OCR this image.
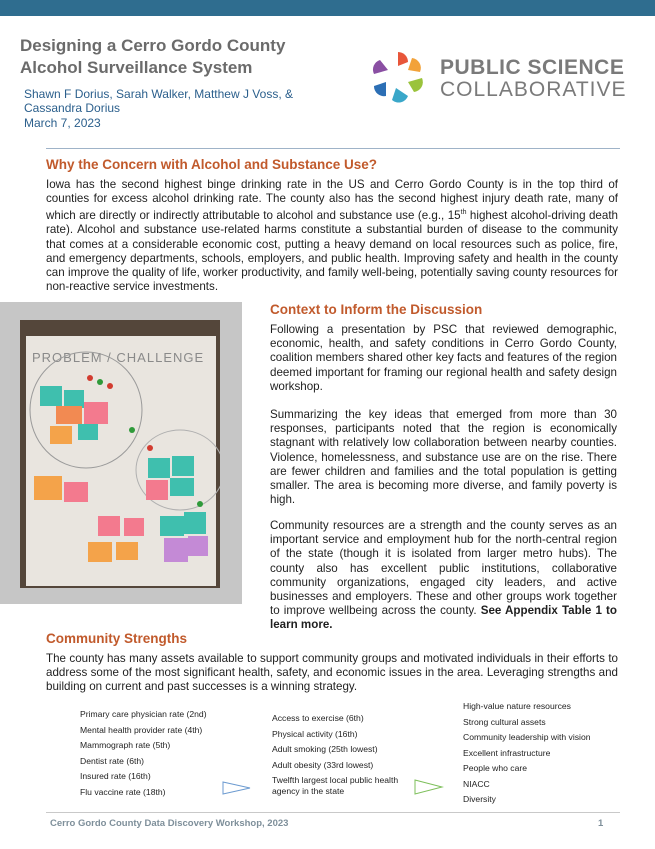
Designing a Cerro Gordo County Alcohol Surveillance System
Shawn F Dorius, Sarah Walker, Matthew J Voss, & Cassandra Dorius
March 7, 2023
PUBLIC SCIENCE
COLLABORATIVE
Why the Concern with Alcohol and Substance Use?

Iowa has the second highest binge drinking rate in the US and Cerro Gordo County is in the top third of counties for excess alcohol drinking rate. The county also has the second highest injury death rate, many of which are directly or indirectly attributable to alcohol and substance use (e.g., 15th highest alcohol-driving death rate). Alcohol and substance use-related harms constitute a substantial burden of disease to the community that comes at a considerable economic cost, putting a heavy demand on local resources such as police, fire, and emergency departments, schools, employers, and public health. Improving safety and health in the county can improve the quality of life, worker productivity, and family well-being, potentially saving county resources for non-reactive service investments.

PROBLEM / CHALLENGE
Context to Inform the Discussion

Following a presentation by PSC that reviewed demographic, economic, health, and safety conditions in Cerro Gordo County, coalition members shared other key facts and features of the region deemed important for framing our regional health and safety design workshop.

Summarizing the key ideas that emerged from more than 30 responses, participants noted that the region is economically stagnant with relatively low collaboration between nearby counties. Violence, homelessness, and substance use are on the rise. There are fewer children and families and the total population is getting smaller. The area is becoming more diverse, and family poverty is high.

Community resources are a strength and the county serves as an important service and employment hub for the north-central region of the state (though it is isolated from larger metro hubs). The county also has excellent public institutions, collaborative community organizations, engaged city leaders, and active businesses and employers. These and other groups work together to improve wellbeing across the county. See Appendix Table 1 to learn more.

Community Strengths

The county has many assets available to support community groups and motivated individuals in their efforts to address some of the most significant health, safety, and economic issues in the area. Leveraging strengths and building on current and past successes is a winning strategy.

Primary care physician rate (2nd)
Mental health provider rate (4th)
Mammograph rate (5th)
Dentist rate (6th)
Insured rate (16th)
Flu vaccine rate (18th)
Access to exercise (6th)
Physical activity (16th)
Adult smoking (25th lowest)
Adult obesity (33rd lowest)
Twelfth largest local public health agency in the state
High-value nature resources
Strong cultural assets
Community leadership with vision
Excellent infrastructure
People who care
NIACC
Diversity
Cerro Gordo County Data Discovery Workshop, 2023	1
